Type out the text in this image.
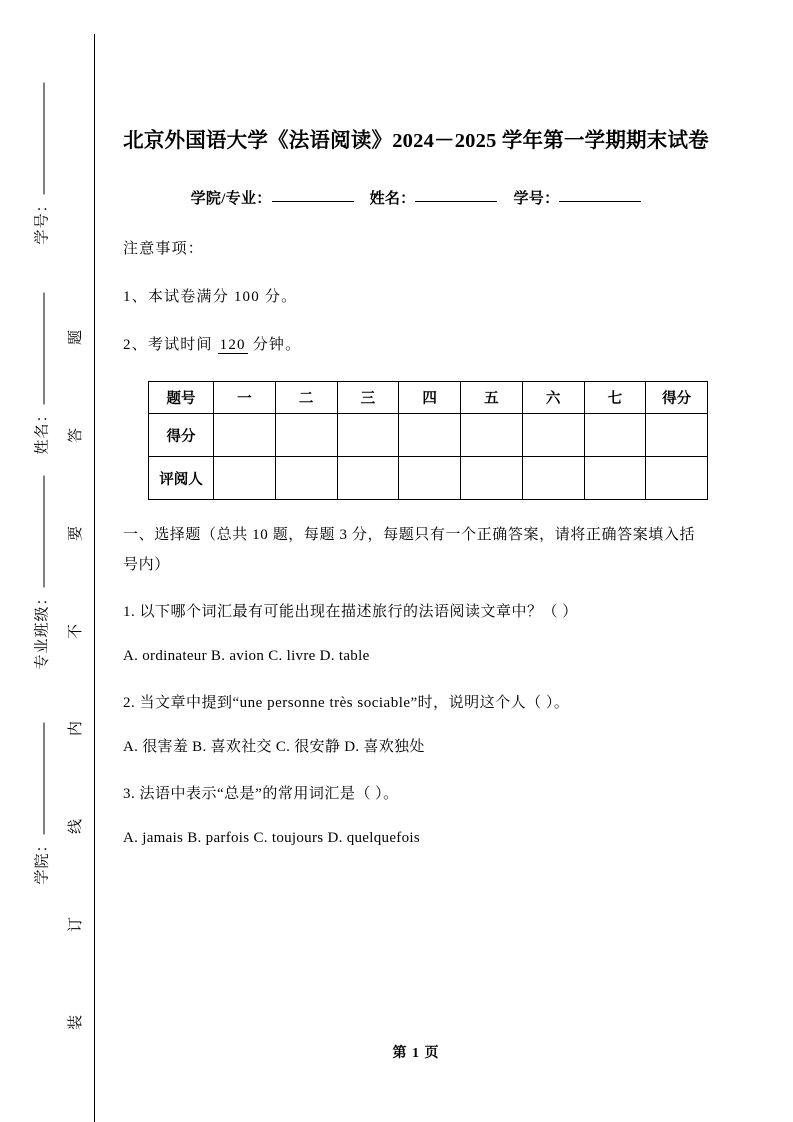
学号：
姓名：
专业班级：
学院：
题
答
要
不
内
线
订
装
北京外国语大学《法语阅读》2024－2025 学年第一学期期末试卷
学院/专业：	姓名：	学号：

注意事项：

1、本试卷满分 100 分。

2、考试时间 120 分钟。

题号	一	二	三	四	五	六	七	得分
得分								
评阅人								

一、选择题（总共 10 题，每题 3 分，每题只有一个正确答案，请将正确答案填入括号内）

1. 以下哪个词汇最有可能出现在描述旅行的法语阅读文章中？（ ）

A. ordinateur B. avion C. livre D. table

2. 当文章中提到“une personne très sociable”时，说明这个人（ ）。

A. 很害羞 B. 喜欢社交 C. 很安静 D. 喜欢独处

3. 法语中表示“总是”的常用词汇是（ ）。

A. jamais B. parfois C. toujours D. quelquefois

第 1 页
